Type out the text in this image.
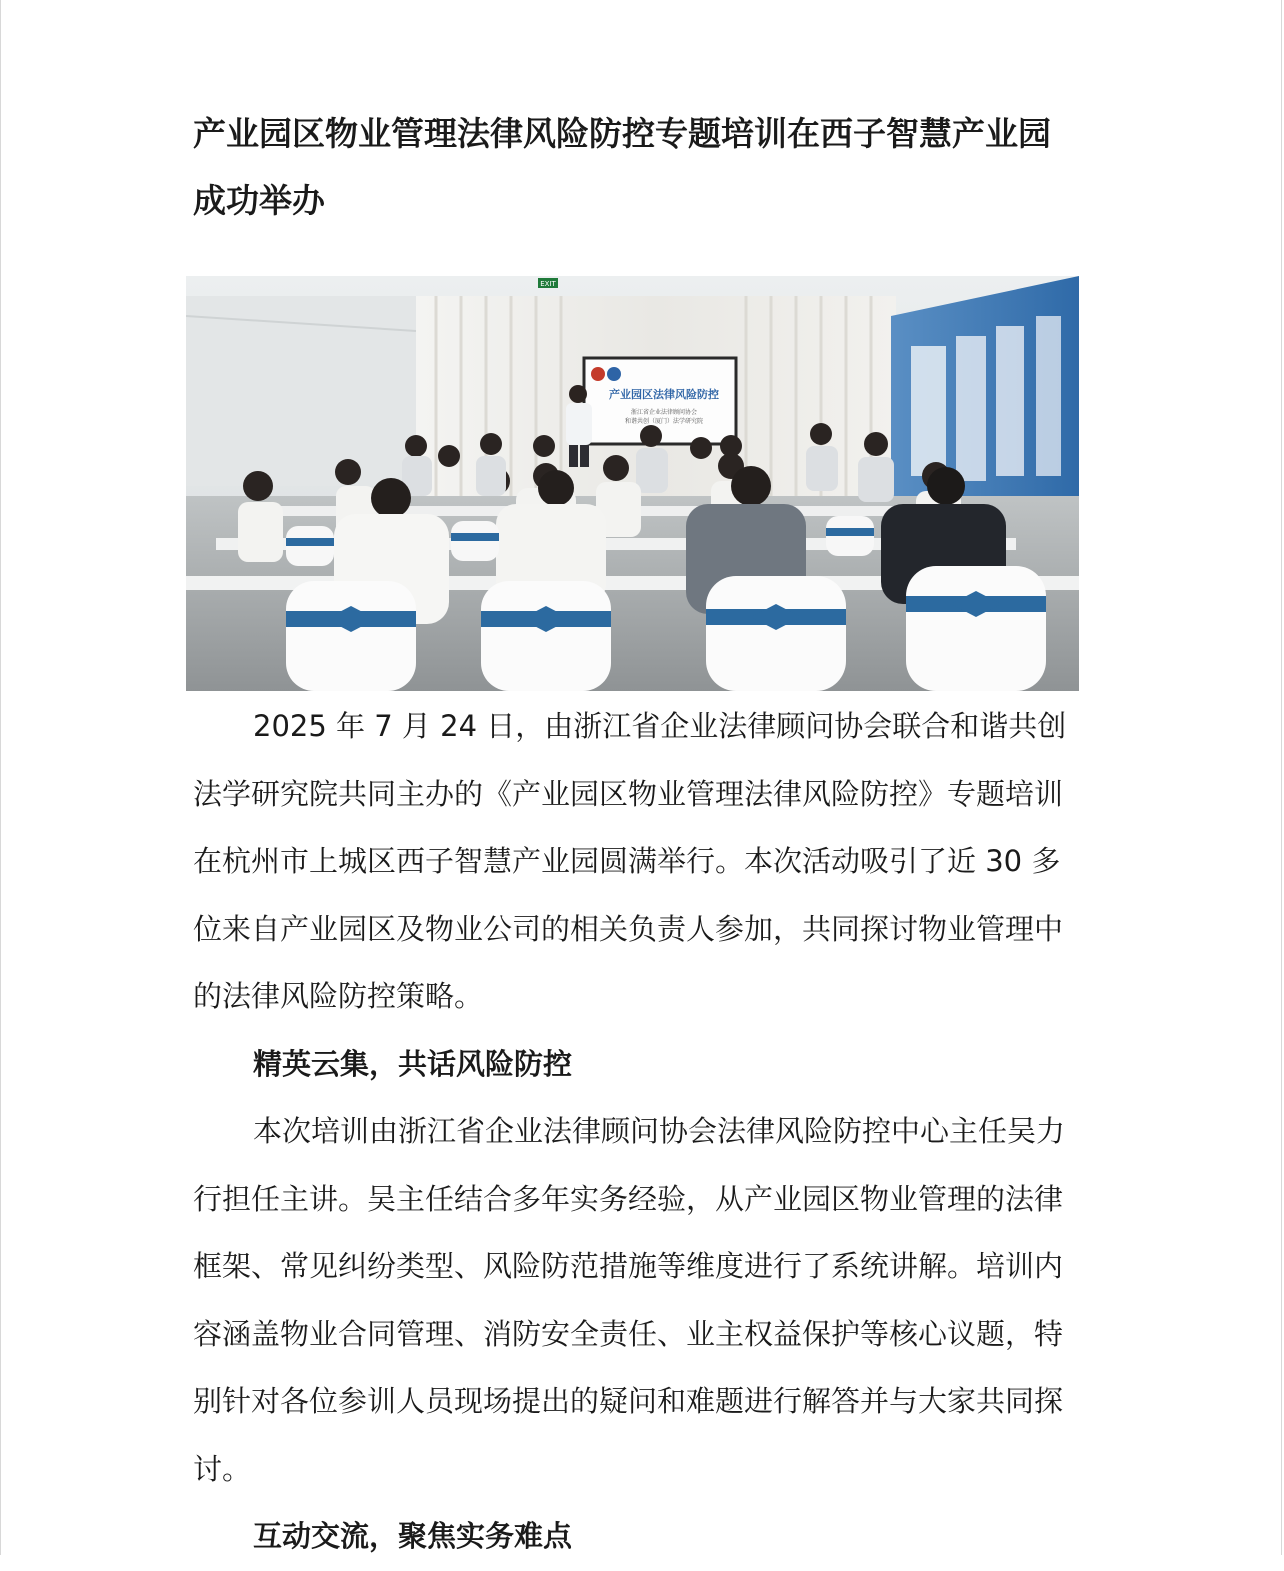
产业园区物业管理法律风险防控专题培训在西子智慧产业园成功举办
EXIT
产业园区法律风险防控
浙江省企业法律顾问协会
和谐共创（厦门）法学研究院

2025 年 7 月 24 日，由浙江省企业法律顾问协会联合和谐共创法学研究院共同主办的《产业园区物业管理法律风险防控》专题培训在杭州市上城区西子智慧产业园圆满举行。本次活动吸引了近 30 多位来自产业园区及物业公司的相关负责人参加，共同探讨物业管理中的法律风险防控策略。

精英云集，共话风险防控

本次培训由浙江省企业法律顾问协会法律风险防控中心主任吴力行担任主讲。吴主任结合多年实务经验，从产业园区物业管理的法律框架、常见纠纷类型、风险防范措施等维度进行了系统讲解。培训内容涵盖物业合同管理、消防安全责任、业主权益保护等核心议题，特别针对各位参训人员现场提出的疑问和难题进行解答并与大家共同探讨。

互动交流，聚焦实务难点
